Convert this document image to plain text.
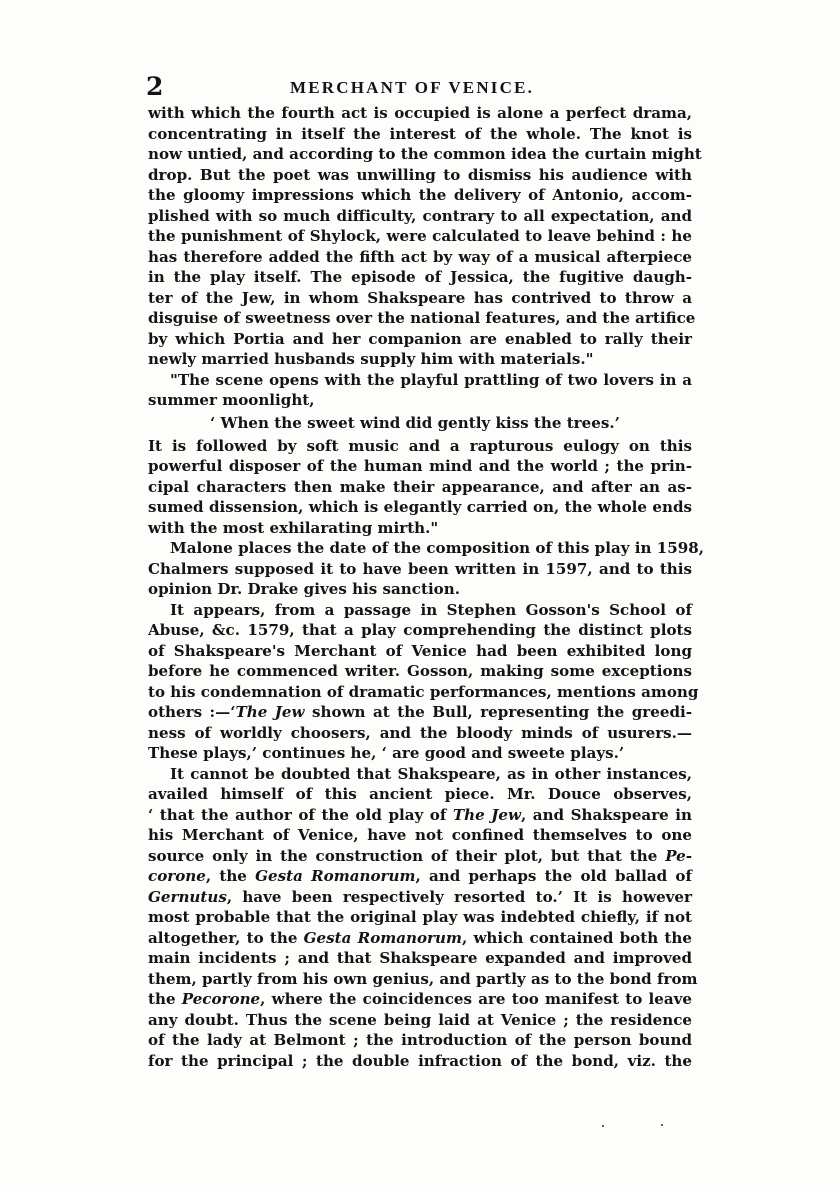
2	MERCHANT OF VENICE.
with which the fourth act is occupied is alone a perfect drama,
concentrating in itself the interest of the whole. The knot is
now untied, and according to the common idea the curtain might
drop. But the poet was unwilling to dismiss his audience with
the gloomy impressions which the delivery of Antonio, accom-
plished with so much difficulty, contrary to all expectation, and
the punishment of Shylock, were calculated to leave behind : he
has therefore added the fifth act by way of a musical afterpiece
in the play itself. The episode of Jessica, the fugitive daugh-
ter of the Jew, in whom Shakspeare has contrived to throw a
disguise of sweetness over the national features, and the artifice
by which Portia and her companion are enabled to rally their
newly married husbands supply him with materials."
"The scene opens with the playful prattling of two lovers in a
summer moonlight,
‘ When the sweet wind did gently kiss the trees.’
It is followed by soft music and a rapturous eulogy on this
powerful disposer of the human mind and the world ; the prin-
cipal characters then make their appearance, and after an as-
sumed dissension, which is elegantly carried on, the whole ends
with the most exhilarating mirth."
Malone places the date of the composition of this play in 1598,
Chalmers supposed it to have been written in 1597, and to this
opinion Dr. Drake gives his sanction.
It appears, from a passage in Stephen Gosson's School of
Abuse, &c. 1579, that a play comprehending the distinct plots
of Shakspeare's Merchant of Venice had been exhibited long
before he commenced writer. Gosson, making some exceptions
to his condemnation of dramatic performances, mentions among
others :—‘The Jew shown at the Bull, representing the greedi-
ness of worldly choosers, and the bloody minds of usurers.—
These plays,’ continues he, ‘ are good and sweete plays.’
It cannot be doubted that Shakspeare, as in other instances,
availed himself of this ancient piece. Mr. Douce observes,
‘ that the author of the old play of The Jew, and Shakspeare in
his Merchant of Venice, have not confined themselves to one
source only in the construction of their plot, but that the Pe-
corone, the Gesta Romanorum, and perhaps the old ballad of
Gernutus, have been respectively resorted to.’ It is however
most probable that the original play was indebted chiefly, if not
altogether, to the Gesta Romanorum, which contained both the
main incidents ; and that Shakspeare expanded and improved
them, partly from his own genius, and partly as to the bond from
the Pecorone, where the coincidences are too manifest to leave
any doubt. Thus the scene being laid at Venice ; the residence
of the lady at Belmont ; the introduction of the person bound
for the principal ; the double infraction of the bond, viz. the
